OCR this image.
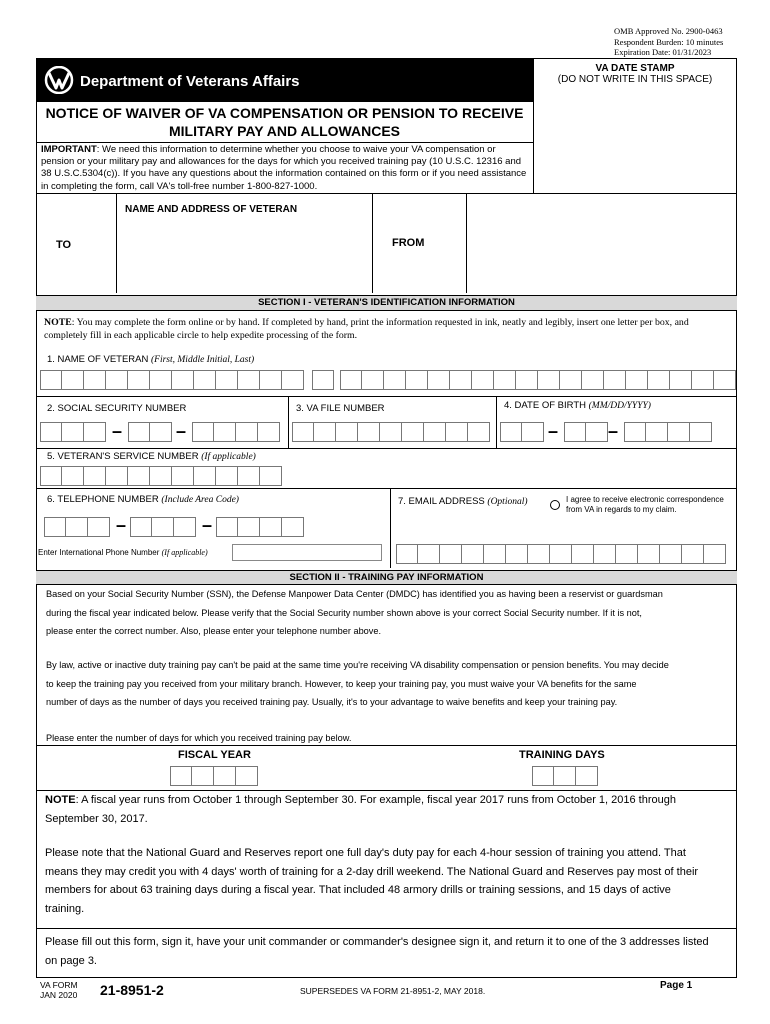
OMB Approved No. 2900-0463
Respondent Burden: 10 minutes
Expiration Date: 01/31/2023
Department of Veterans Affairs
VA DATE STAMP
(DO NOT WRITE IN THIS SPACE)
NOTICE OF WAIVER OF VA COMPENSATION OR PENSION TO RECEIVE
MILITARY PAY AND ALLOWANCES
IMPORTANT: We need this information to determine whether you choose to waive your VA compensation or pension or your military pay and allowances for the days for which you received training pay (10 U.S.C. 12316 and 38 U.S.C.5304(c)). If you have any questions about the information contained on this form or if you need assistance in completing the form, call VA's toll-free number 1-800-827-1000.
TO
NAME AND ADDRESS OF VETERAN
FROM
SECTION I - VETERAN'S IDENTIFICATION INFORMATION
NOTE: You may complete the form online or by hand. If completed by hand, print the information requested in ink, neatly and legibly, insert one letter per box, and completely fill in each applicable circle to help expedite processing of the form.
1. NAME OF VETERAN (First, Middle Initial, Last)
2. SOCIAL SECURITY NUMBER
–	–
3. VA FILE NUMBER	4. DATE OF BIRTH (MM/DD/YYYY)
–	–
5. VETERAN'S SERVICE NUMBER (If applicable)
6. TELEPHONE NUMBER (Include Area Code)
–	–
7. EMAIL ADDRESS (Optional)	I agree to receive electronic correspondence
from VA in regards to my claim.
Enter International Phone Number (If applicable)
SECTION II - TRAINING PAY INFORMATION
Based on your Social Security Number (SSN), the Defense Manpower Data Center (DMDC) has identified you as having been a reservist or guardsman
during the fiscal year indicated below. Please verify that the Social Security number shown above is your correct Social Security number. If it is not,
please enter the correct number. Also, please enter your telephone number above.
By law, active or inactive duty training pay can't be paid at the same time you're receiving VA disability compensation or pension benefits. You may decide
to keep the training pay you received from your military branch. However, to keep your training pay, you must waive your VA benefits for the same
number of days as the number of days you received training pay. Usually, it's to your advantage to waive benefits and keep your training pay.
Please enter the number of days for which you received training pay below.
FISCAL YEAR	TRAINING DAYS
NOTE: A fiscal year runs from October 1 through September 30. For example, fiscal year 2017 runs from October 1, 2016 through
September 30, 2017.
Please note that the National Guard and Reserves report one full day's duty pay for each 4-hour session of training you attend. That
means they may credit you with 4 days' worth of training for a 2-day drill weekend. The National Guard and Reserves pay most of their
members for about 63 training days during a fiscal year. That included 48 armory drills or training sessions, and 15 days of active
training.
Please fill out this form, sign it, have your unit commander or commander's designee sign it, and return it to one of the 3 addresses listed
on page 3.
VA FORM
JAN 2020 21-8951-2	SUPERSEDES VA FORM 21-8951-2, MAY 2018.	Page 1
